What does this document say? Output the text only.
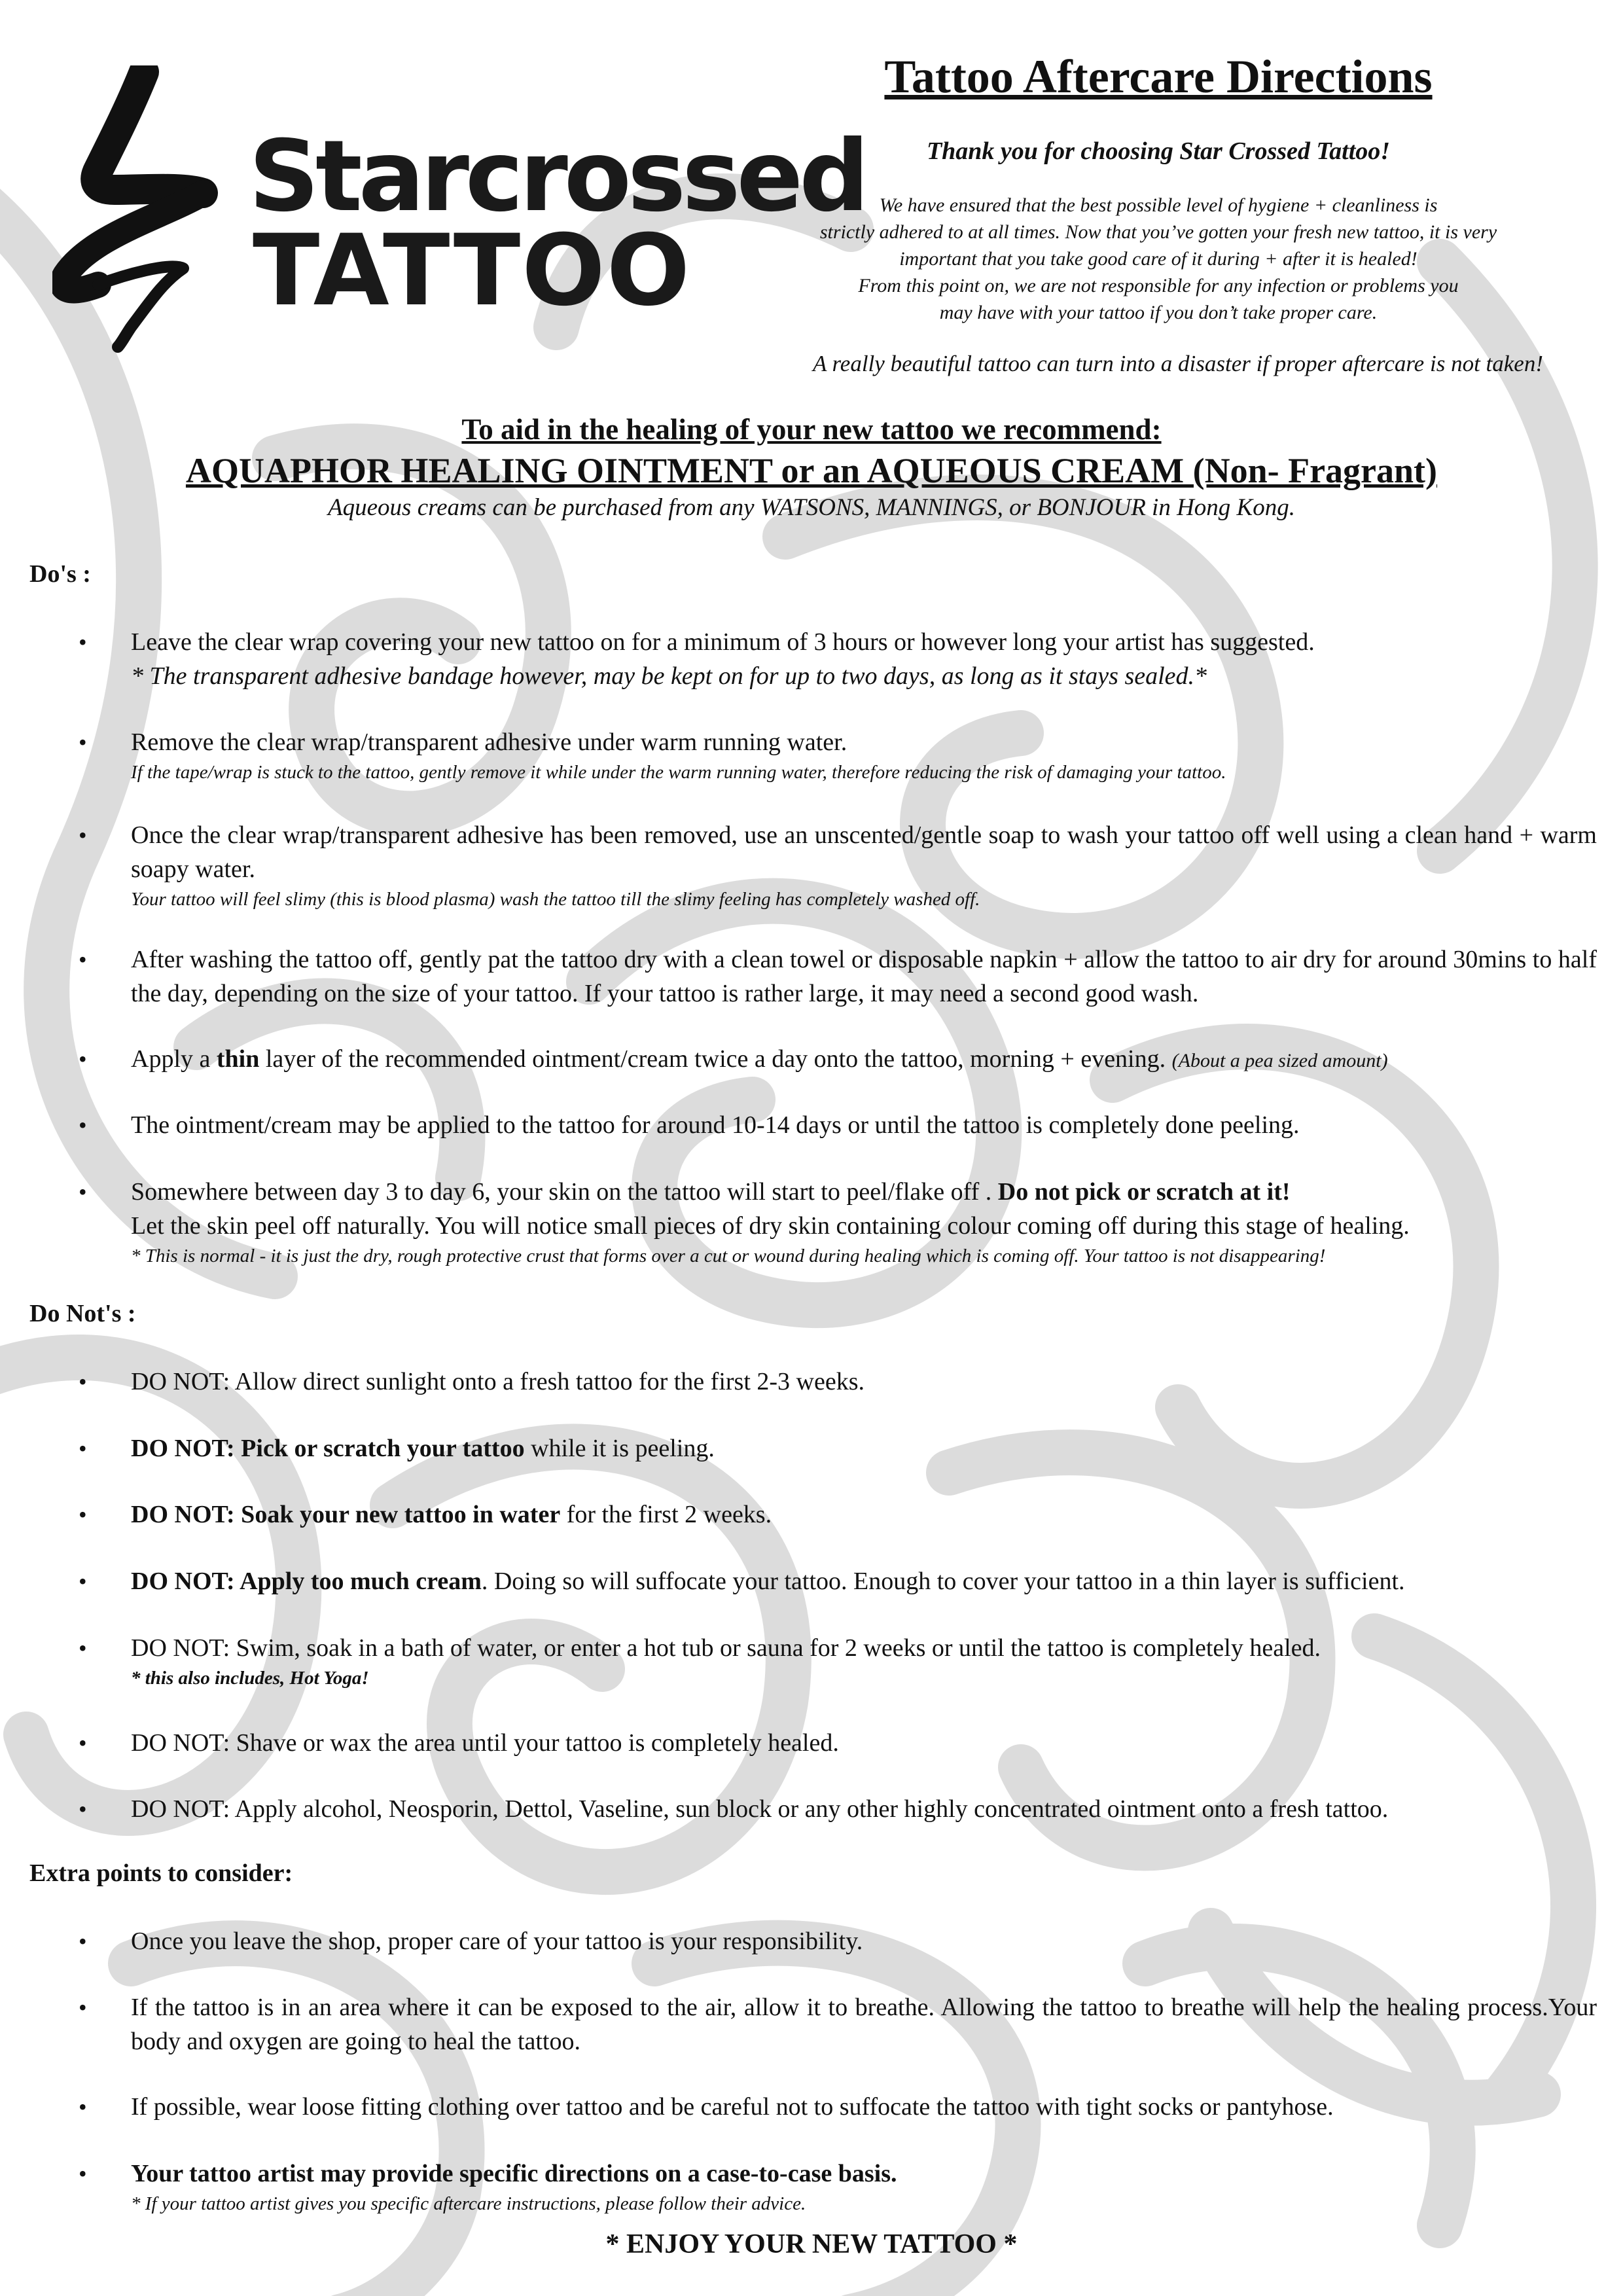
Starcrossed
TATTOO
Tattoo Aftercare Directions
Thank you for choosing Star Crossed Tattoo!
We have ensured that the best possible level of hygiene + cleanliness is
strictly adhered to at all times. Now that you’ve gotten your fresh new tattoo, it is very
important that you take good care of it during + after it is healed!
From this point on, we are not responsible for any infection or problems you
may have with your tattoo if you don’t take proper care.
A really beautiful tattoo can turn into a disaster if proper aftercare is not taken!
To aid in the healing of your new tattoo we recommend:
AQUAPHOR HEALING OINTMENT or an AQUEOUS CREAM (Non- Fragrant)
Aqueous creams can be purchased from any WATSONS, MANNINGS, or BONJOUR in Hong Kong.
Do's :
• Leave the clear wrap covering your new tattoo on for a minimum of 3 hours or however long your artist has suggested.
* The transparent adhesive bandage however, may be kept on for up to two days, as long as it stays sealed.*
• Remove the clear wrap/transparent adhesive under warm running water.
If the tape/wrap is stuck to the tattoo, gently remove it while under the warm running water, therefore reducing the risk of damaging your tattoo.
• Once the clear wrap/transparent adhesive has been removed, use an unscented/gentle soap to wash your tattoo off well using a clean hand + warm soapy water.
Your tattoo will feel slimy (this is blood plasma) wash the tattoo till the slimy feeling has completely washed off.
• After washing the tattoo off, gently pat the tattoo dry with a clean towel or disposable napkin + allow the tattoo to air dry for around 30mins to half the day, depending on the size of your tattoo. If your tattoo is rather large, it may need a second good wash.
• Apply a thin layer of the recommended ointment/cream twice a day onto the tattoo, morning + evening. (About a pea sized amount)
• The ointment/cream may be applied to the tattoo for around 10-14 days or until the tattoo is completely done peeling.
• Somewhere between day 3 to day 6, your skin on the tattoo will start to peel/flake off . Do not pick or scratch at it!
Let the skin peel off naturally. You will notice small pieces of dry skin containing colour coming off during this stage of healing.
* This is normal - it is just the dry, rough protective crust that forms over a cut or wound during healing which is coming off. Your tattoo is not disappearing!
Do Not's :
• DO NOT: Allow direct sunlight onto a fresh tattoo for the first 2-3 weeks.
• DO NOT: Pick or scratch your tattoo while it is peeling.
• DO NOT: Soak your new tattoo in water for the first 2 weeks.
• DO NOT: Apply too much cream. Doing so will suffocate your tattoo. Enough to cover your tattoo in a thin layer is sufficient.
• DO NOT: Swim, soak in a bath of water, or enter a hot tub or sauna for 2 weeks or until the tattoo is completely healed.
* this also includes, Hot Yoga!
• DO NOT: Shave or wax the area until your tattoo is completely healed.
• DO NOT: Apply alcohol, Neosporin, Dettol, Vaseline, sun block or any other highly concentrated ointment onto a fresh tattoo.
Extra points to consider:
• Once you leave the shop, proper care of your tattoo is your responsibility.
• If the tattoo is in an area where it can be exposed to the air, allow it to breathe. Allowing the tattoo to breathe will help the healing process.Your body and oxygen are going to heal the tattoo.
• If possible, wear loose fitting clothing over tattoo and be careful not to suffocate the tattoo with tight socks or pantyhose.
• Your tattoo artist may provide specific directions on a case-to-case basis.
* If your tattoo artist gives you specific aftercare instructions, please follow their advice.
* ENJOY YOUR NEW TATTOO *
